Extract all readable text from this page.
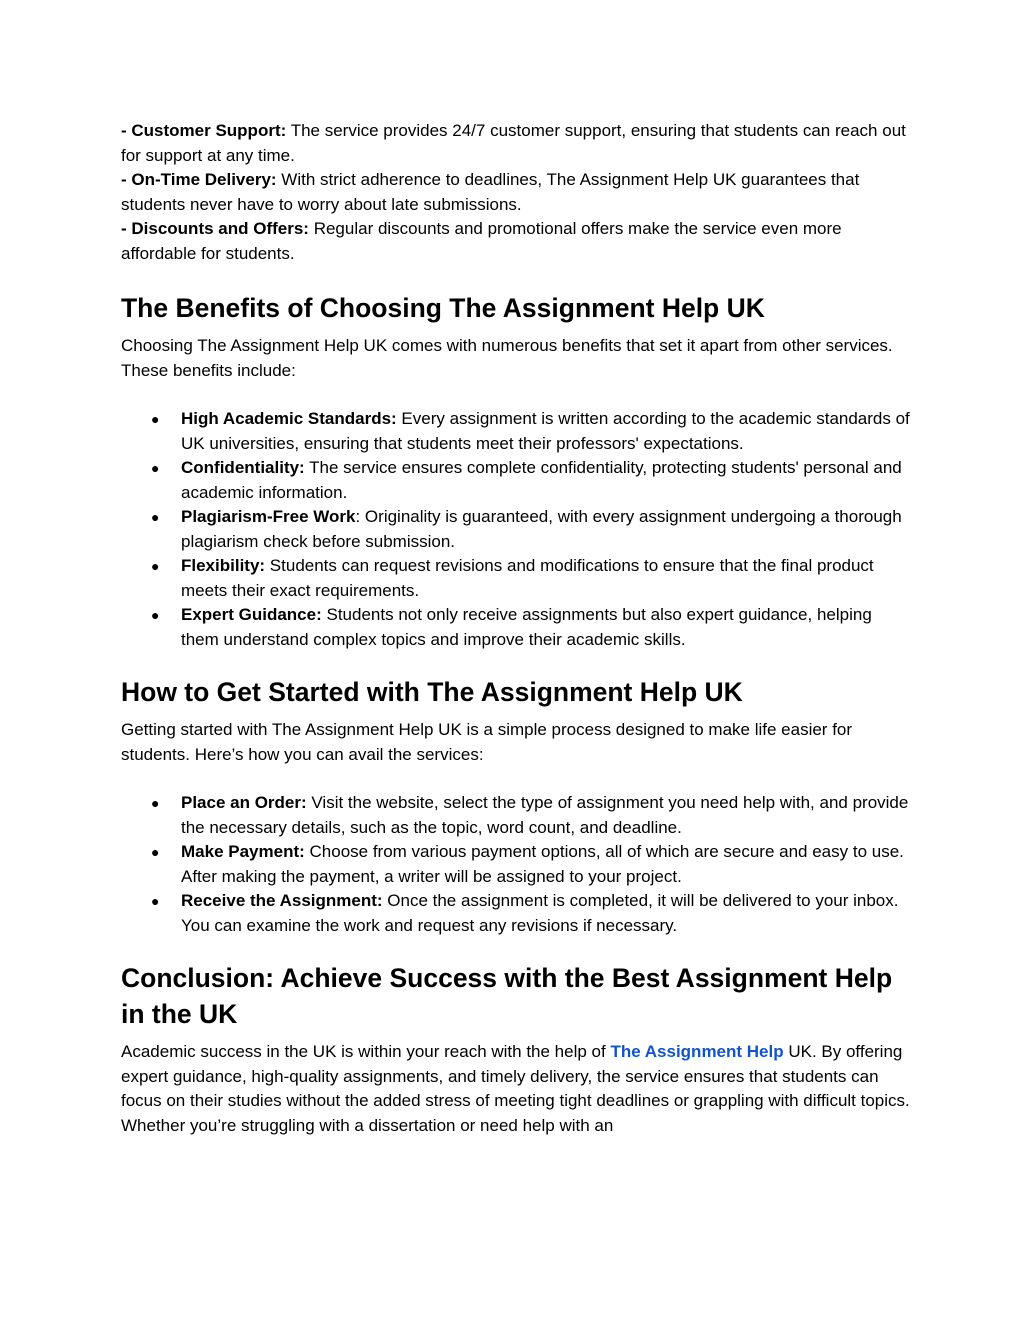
- Customer Support: The service provides 24/7 customer support, ensuring that students can reach out for support at any time.

- On-Time Delivery: With strict adherence to deadlines, The Assignment Help UK guarantees that students never have to worry about late submissions.

- Discounts and Offers: Regular discounts and promotional offers make the service even more affordable for students.

The Benefits of Choosing The Assignment Help UK

Choosing The Assignment Help UK comes with numerous benefits that set it apart from other services. These benefits include:

● High Academic Standards: Every assignment is written according to the academic standards of UK universities, ensuring that students meet their professors' expectations.
● Confidentiality: The service ensures complete confidentiality, protecting students' personal and academic information.
● Plagiarism-Free Work: Originality is guaranteed, with every assignment undergoing a thorough plagiarism check before submission.
● Flexibility: Students can request revisions and modifications to ensure that the final product meets their exact requirements.
● Expert Guidance: Students not only receive assignments but also expert guidance, helping them understand complex topics and improve their academic skills.
How to Get Started with The Assignment Help UK

Getting started with The Assignment Help UK is a simple process designed to make life easier for students. Here’s how you can avail the services:

● Place an Order: Visit the website, select the type of assignment you need help with, and provide the necessary details, such as the topic, word count, and deadline.
● Make Payment: Choose from various payment options, all of which are secure and easy to use. After making the payment, a writer will be assigned to your project.
● Receive the Assignment: Once the assignment is completed, it will be delivered to your inbox. You can examine the work and request any revisions if necessary.
Conclusion: Achieve Success with the Best Assignment Help in the UK

Academic success in the UK is within your reach with the help of The Assignment Help UK. By offering expert guidance, high-quality assignments, and timely delivery, the service ensures that students can focus on their studies without the added stress of meeting tight deadlines or grappling with difficult topics. Whether you’re struggling with a dissertation or need help with an
